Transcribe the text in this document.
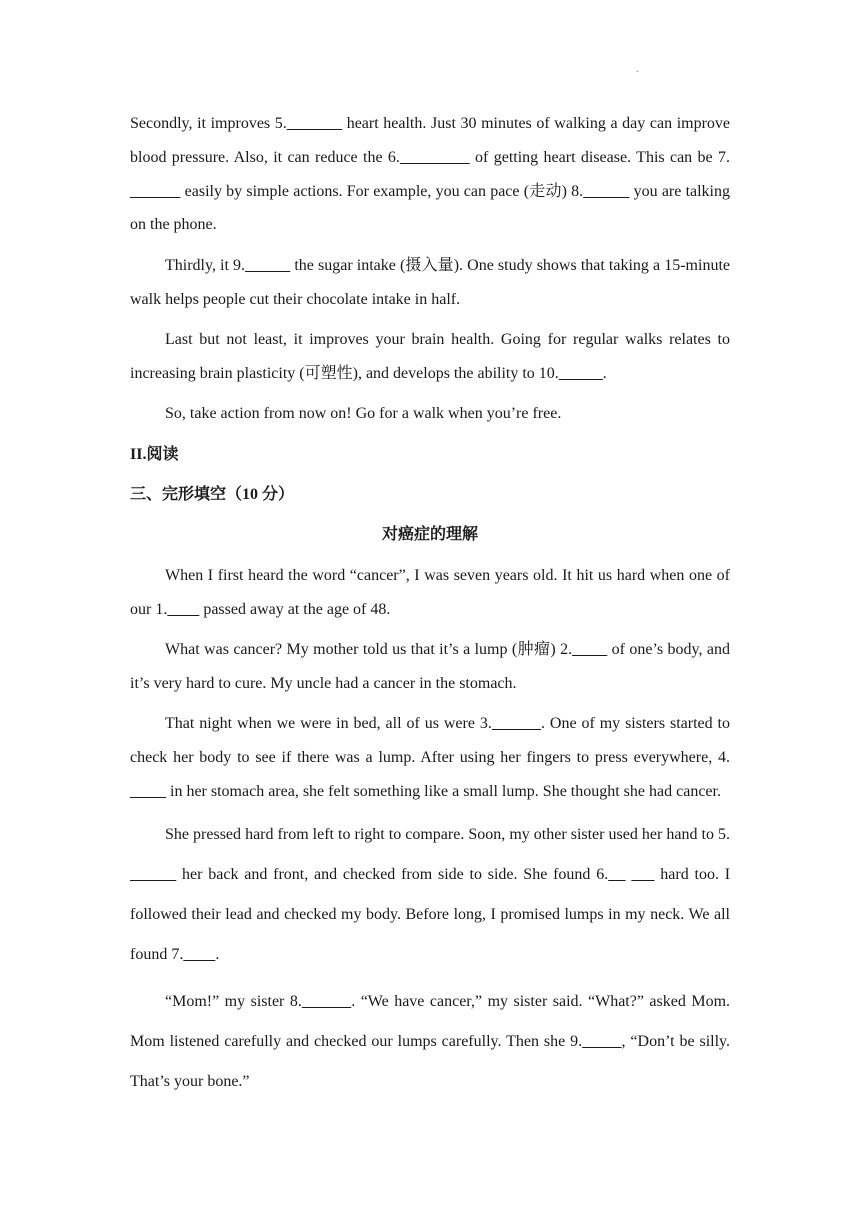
.

Secondly, it improves 5.	heart health. Just 30 minutes of walking a day can improve blood pressure. Also, it can reduce the 6.	of getting heart disease. This can be 7.             easily by simple actions. For example, you can pace (走动) 8.	you are talking on the phone.

Thirdly, it 9.	the sugar intake (摄入量). One study shows that taking a 15-minute walk helps people cut their chocolate intake in half.

Last but not least, it improves your brain health. Going for regular walks relates to increasing brain plasticity (可塑性), and develops the ability to 10.	.

So, take action from now on! Go for a walk when you’re free.

II.阅读

三、完形填空（10 分）

对癌症的理解

When I first heard the word “cancer”, I was seven years old. It hit us hard when one of our 1.         passed away at the age of 48.

What was cancer? My mother told us that it’s a lump (肿瘤) 2.         of one’s body, and it’s very hard to cure. My uncle had a cancer in the stomach.

That night when we were in bed, all of us were 3.	. One of my sisters started to check her body to see if there was a lump. After using her fingers to press everywhere, 4.          in her stomach area, she felt something like a small lump. She thought she had cancer.

She pressed hard from left to right to compare. Soon, my other sister used her hand to 5.         her back and front, and checked from side to side. She found 6.	hard too. I followed their lead and checked my body. Before long, I promised lumps in my neck. We all found 7. .

“Mom!” my sister 8.	. “We have cancer,” my sister said. “What?” asked Mom. Mom listened carefully and checked our lumps carefully. Then she 9. , “Don’t be silly. That’s your bone.”
